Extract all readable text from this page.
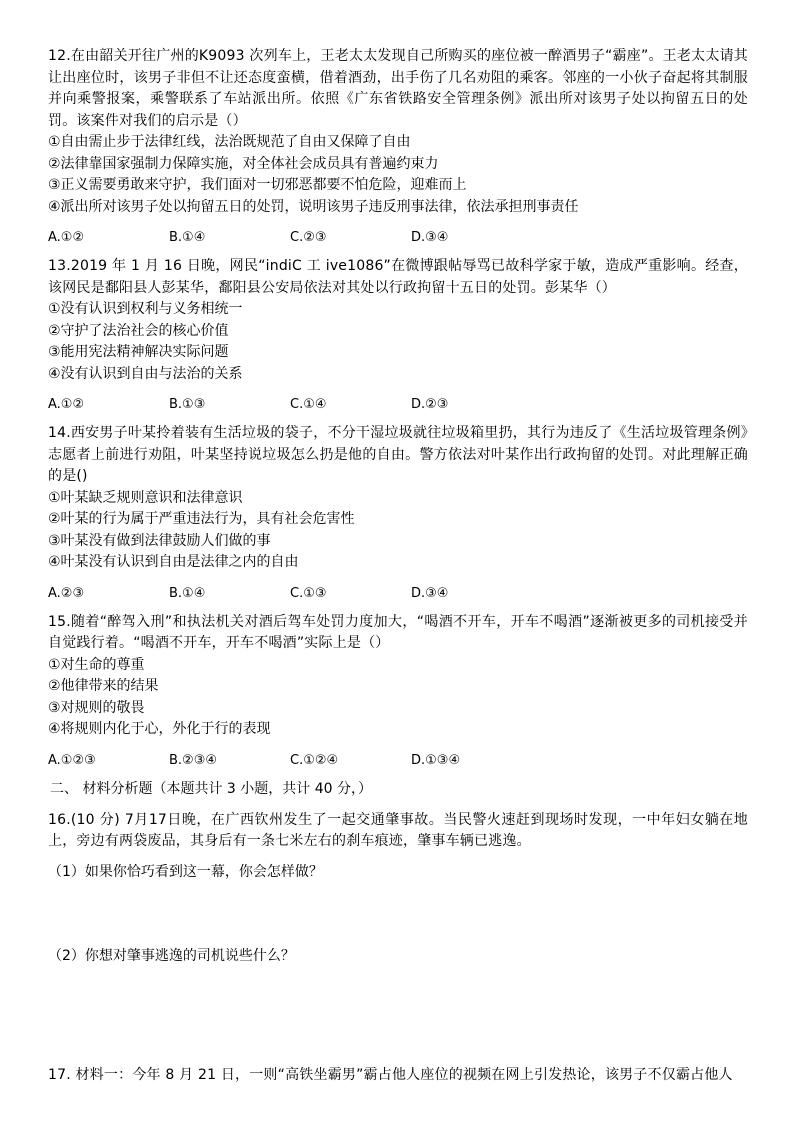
12.在由韶关开往广州的K9093 次列车上，王老太太发现自己所购买的座位被一醉酒男子“霸座”。王老太太请其让出座位时，该男子非但不让还态度蛮横，借着酒劲，出手伤了几名劝阻的乘客。邻座的一小伙子奋起将其制服并向乘警报案，乘警联系了车站派出所。依照《广东省铁路安全管理条例》派出所对该男子处以拘留五日的处罚。该案件对我们的启示是（）

①自由需止步于法律红线，法治既规范了自由又保障了自由

②法律靠国家强制力保障实施，对全体社会成员具有普遍约束力

③正义需要勇敢来守护，我们面对一切邪恶都要不怕危险，迎难而上

④派出所对该男子处以拘留五日的处罚，说明该男子违反刑事法律，依法承担刑事责任

A.①②	B.①④	C.②③	D.③④

13.2019 年 1 月 16 日晚，网民“indiC 工 ive1086”在微博跟帖辱骂已故科学家于敏，造成严重影响。经查，该网民是鄱阳县人彭某华，鄱阳县公安局依法对其处以行政拘留十五日的处罚。彭某华（）

①没有认识到权利与义务相统一

②守护了法治社会的核心价值

③能用宪法精神解决实际问题

④没有认识到自由与法治的关系

A.①②	B.①③	C.①④	D.②③

14.西安男子叶某拎着装有生活垃圾的袋子，不分干湿垃圾就往垃圾箱里扔，其行为违反了《生活垃圾管理条例》志愿者上前进行劝阻，叶某坚持说垃圾怎么扔是他的自由。警方依法对叶某作出行政拘留的处罚。对此理解正确的是()

①叶某缺乏规则意识和法律意识

②叶某的行为属于严重违法行为，具有社会危害性

③叶某没有做到法律鼓励人们做的事

④叶某没有认识到自由是法律之内的自由

A.②③	B.①④	C.①③	D.③④

15.随着“醉驾入刑”和执法机关对酒后驾车处罚力度加大，“喝酒不开车，开车不喝酒”逐渐被更多的司机接受并自觉践行着。“喝酒不开车，开车不喝酒”实际上是（）

①对生命的尊重

②他律带来的结果

③对规则的敬畏

④将规则内化于心，外化于行的表现

A.①②③	B.②③④	C.①②④	D.①③④

二、 材料分析题（本题共计 3 小题，共计 40 分，）

16.(10 分) 7月17日晚，在广西钦州发生了一起交通肇事故。当民警火速赶到现场时发现，一中年妇女躺在地上，旁边有两袋废品，其身后有一条七米左右的刹车痕迹，肇事车辆已逃逸。

（1）如果你恰巧看到这一幕，你会怎样做？

（2）你想对肇事逃逸的司机说些什么？

17. 材料一：今年 8 月 21 日，一则“高铁坐霸男”霸占他人座位的视频在网上引发热论，该男子不仅霸占他人
